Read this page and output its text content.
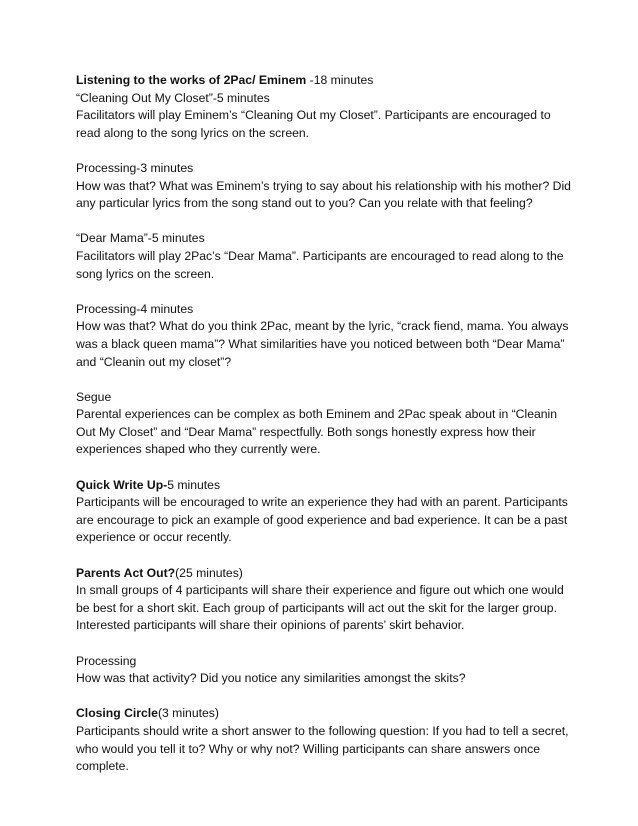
Listening to the works of 2Pac/ Eminem -18 minutes

“Cleaning Out My Closet”-5 minutes

Facilitators will play Eminem’s “Cleaning Out my Closet”. Participants are encouraged to read along to the song lyrics on the screen.

Processing-3 minutes

How was that? What was Eminem’s trying to say about his relationship with his mother? Did any particular lyrics from the song stand out to you? Can you relate with that feeling?

“Dear Mama”-5 minutes

Facilitators will play 2Pac’s “Dear Mama”. Participants are encouraged to read along to the song lyrics on the screen.

Processing-4 minutes

How was that? What do you think 2Pac, meant by the lyric, “crack fiend, mama. You always was a black queen mama”? What similarities have you noticed between both “Dear Mama” and “Cleanin out my closet”?

Segue

Parental experiences can be complex as both Eminem and 2Pac speak about in “Cleanin Out My Closet” and “Dear Mama” respectfully. Both songs honestly express how their experiences shaped who they currently were.

Quick Write Up-5 minutes

Participants will be encouraged to write an experience they had with an parent. Participants are encourage to pick an example of good experience and bad experience. It can be a past experience or occur recently.

Parents Act Out?(25 minutes)

In small groups of 4 participants will share their experience and figure out which one would be best for a short skit. Each group of participants will act out the skit for the larger group. Interested participants will share their opinions of parents’ skirt behavior.

Processing

How was that activity? Did you notice any similarities amongst the skits?

Closing Circle(3 minutes)

Participants should write a short answer to the following question: If you had to tell a secret, who would you tell it to? Why or why not? Willing participants can share answers once complete.
